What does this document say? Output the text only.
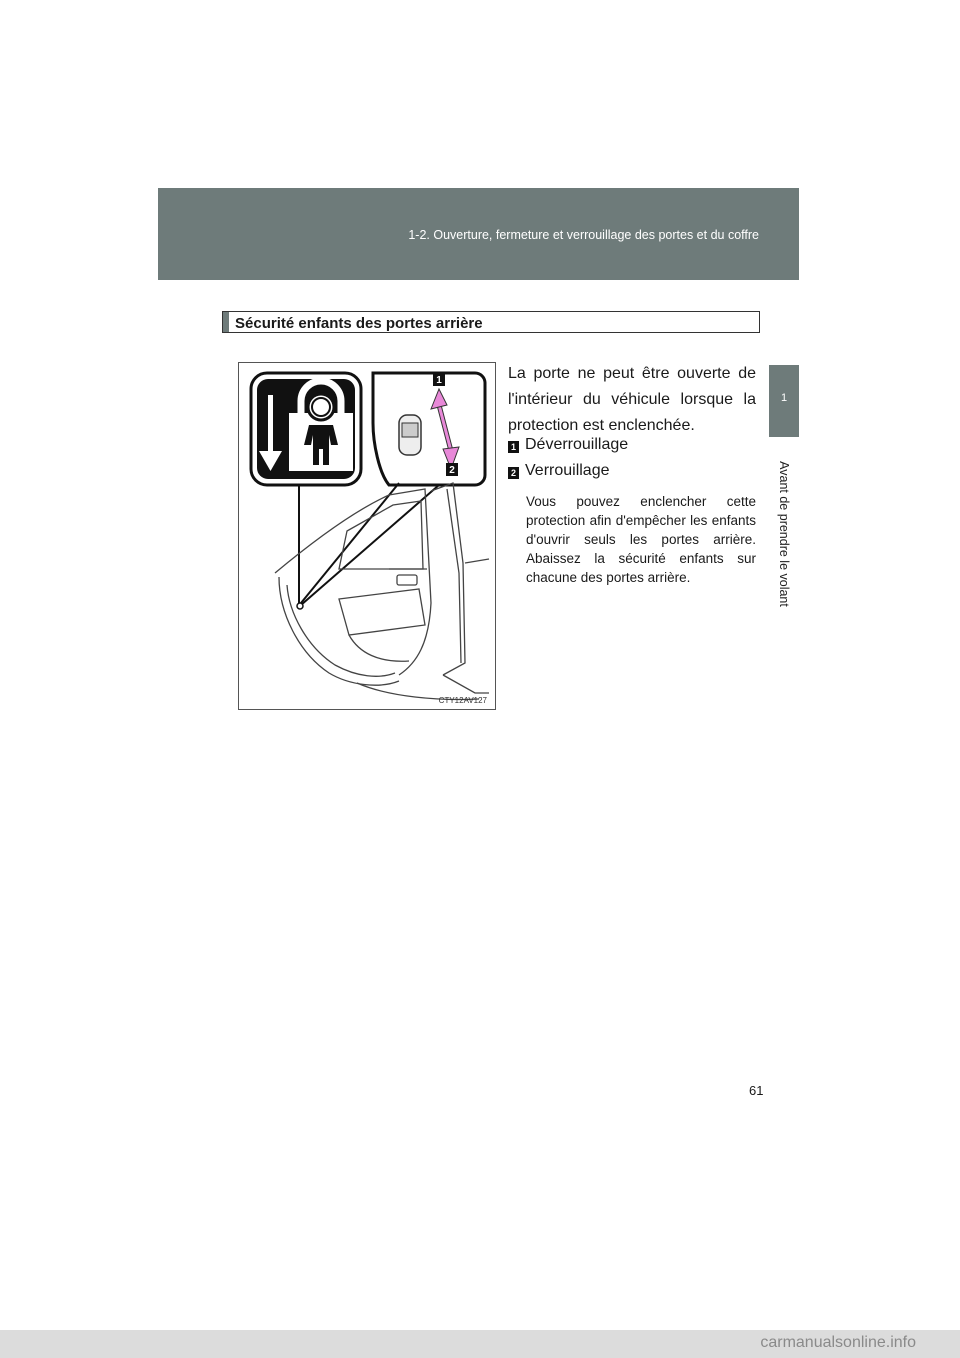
1-2. Ouverture, fermeture et verrouillage des portes et du coffre
1
Avant de prendre le volant
Sécurité enfants des portes arrière
1
2
CTY12AV127
La porte ne peut être ouverte de l'intérieur du véhicule lorsque la protection est enclenchée.
1 Déverrouillage
2 Verrouillage
Vous pouvez enclencher cette protection afin d'empêcher les enfants d'ouvrir seuls les portes arrière. Abaissez la sécurité enfants sur chacune des portes arrière.
61
carmanualsonline.info
